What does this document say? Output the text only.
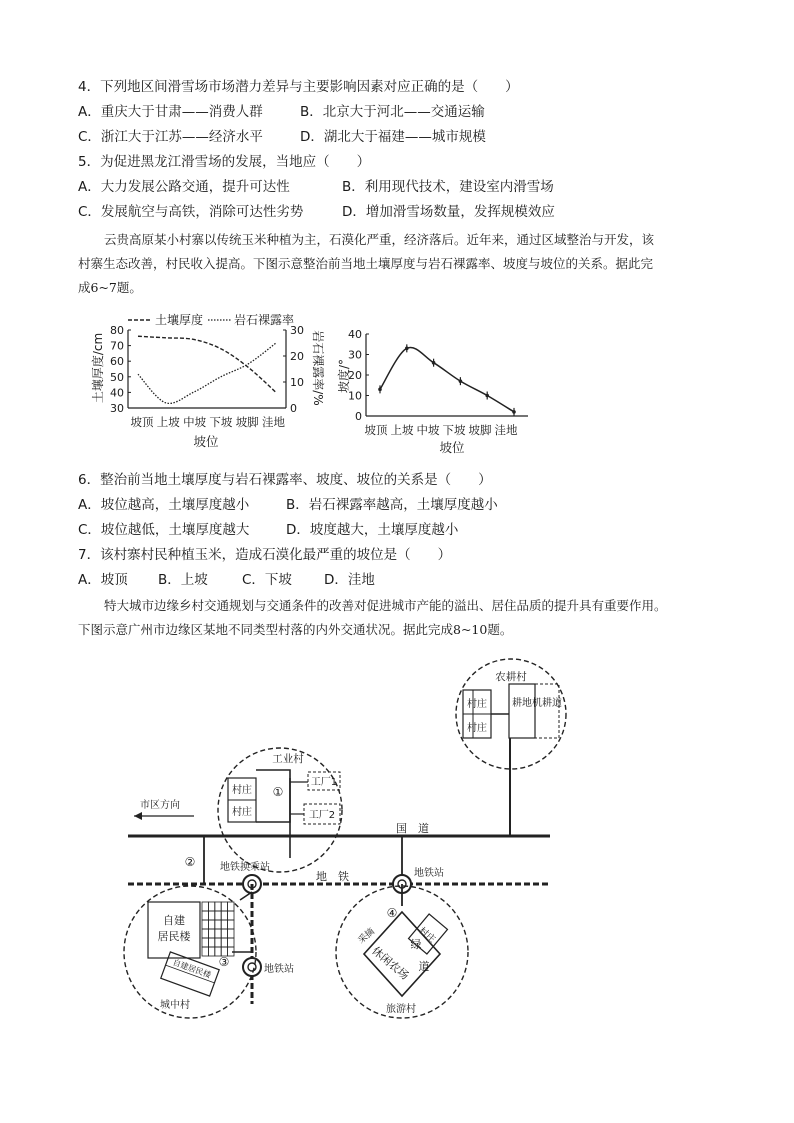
4．下列地区间滑雪场市场潜力差异与主要影响因素对应正确的是（　　）
A．重庆大于甘肃——消费人群	B．北京大于河北——交通运输
C．浙江大于江苏——经济水平	D．湖北大于福建——城市规模
5．为促进黑龙江滑雪场的发展，当地应（　　）
A．大力发展公路交通，提升可达性	B．利用现代技术，建设室内滑雪场
C．发展航空与高铁，消除可达性劣势	D．增加滑雪场数量，发挥规模效应
云贵高原某小村寨以传统玉米种植为主，石漠化严重，经济落后。近年来，通过区域整治与开发，该
村寨生态改善，村民收入提高。下图示意整治前当地土壤厚度与岩石裸露率、坡度与坡位的关系。据此完
成6~7题。
土壤厚度	岩石裸露率
80
70
60
50
40
30
30
20
10
0
坡顶 上坡 中坡 下坡 坡脚 洼地
土壤厚度/cm	岩石裸露率/%
坡位
40
30
20
10
0
坡顶 上坡 中坡 下坡 坡脚 洼地
坡度/°
坡位
6．整治前当地土壤厚度与岩石裸露率、坡度、坡位的关系是（　　）
A．坡位越高，土壤厚度越小	B．岩石裸露率越高，土壤厚度越小
C．坡位越低，土壤厚度越大	D．坡度越大，土壤厚度越小
7．该村寨村民种植玉米，造成石漠化最严重的坡位是（　　）
A．坡顶 B．上坡	C．下坡 D．洼地
特大城市边缘乡村交通规划与交通条件的改善对促进城市产能的溢出、居住品质的提升具有重要作用。
下图示意广州市边缘区某地不同类型村落的内外交通状况。据此完成8~10题。
农耕村
村庄
村庄
耕地 机耕道
工业村
村庄
村庄
①
工厂1
工厂2
市区方向
国　道
②
地　铁
地铁换乘站
地铁站
地铁站
自建
居民楼
③
自建居民楼
城中村
④
绿
道
休闲农场
采摘	村庄
旅游村
